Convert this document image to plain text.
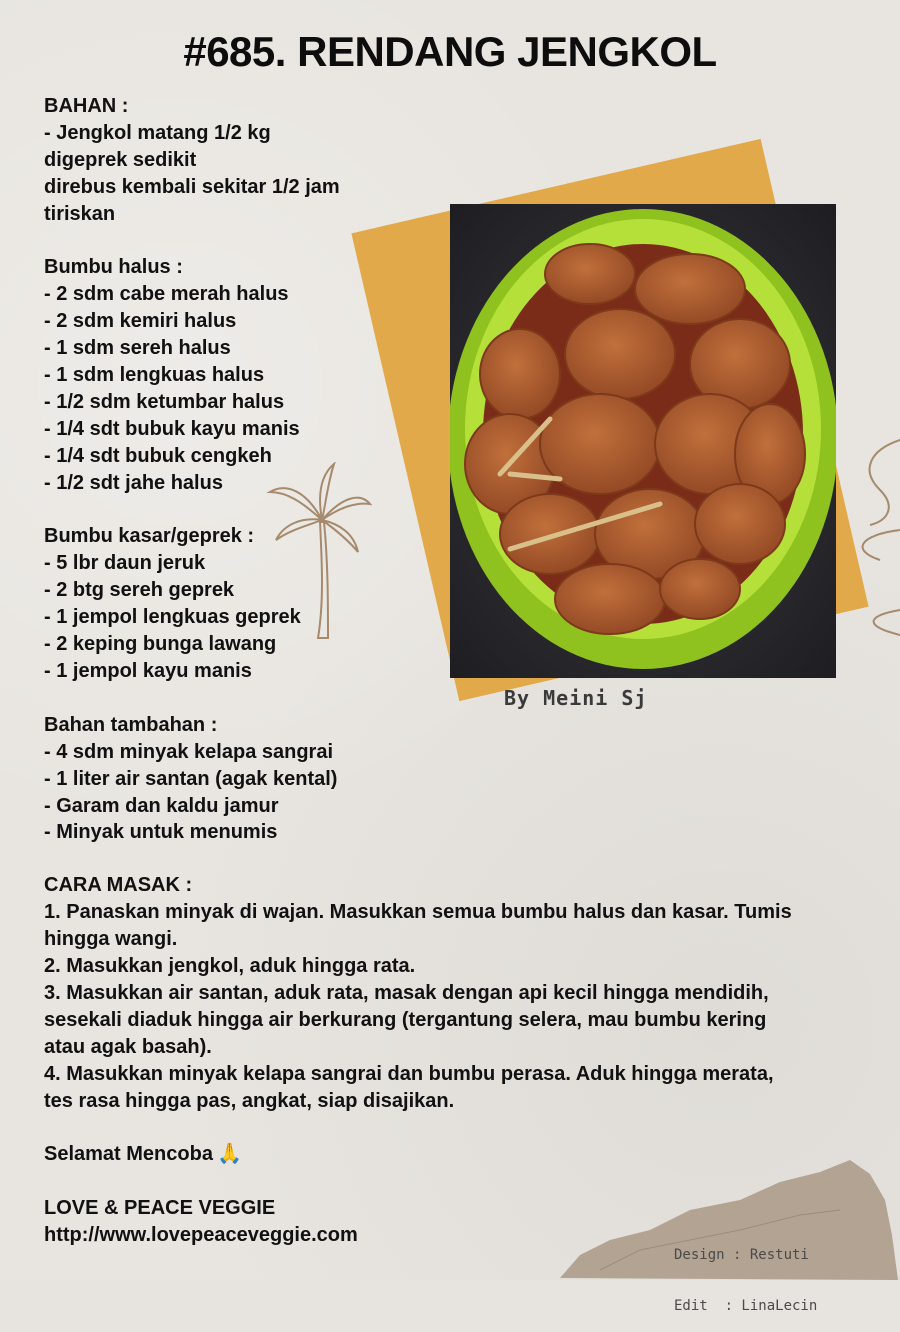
#685. RENDANG JENGKOL
By Meini Sj
BAHAN :
- Jengkol matang 1/2 kg
digeprek sedikit
direbus kembali sekitar 1/2 jam
tiriskan
Bumbu halus :
- 2 sdm cabe merah halus
- 2 sdm kemiri halus
- 1 sdm sereh halus
- 1 sdm lengkuas halus
- 1/2 sdm ketumbar halus
- 1/4 sdt bubuk kayu manis
- 1/4 sdt bubuk cengkeh
- 1/2 sdt jahe halus
Bumbu kasar/geprek :
- 5 lbr daun jeruk
- 2 btg sereh geprek
- 1 jempol lengkuas geprek
- 2 keping bunga lawang
- 1 jempol kayu manis
Bahan tambahan :
- 4 sdm minyak kelapa sangrai
- 1 liter air santan (agak kental)
- Garam dan kaldu jamur
- Minyak untuk menumis
CARA MASAK :
1. Panaskan minyak di wajan. Masukkan semua bumbu halus dan kasar. Tumis
hingga wangi.
2. Masukkan jengkol, aduk hingga rata.
3. Masukkan air santan, aduk rata, masak dengan api kecil hingga mendidih,
sesekali diaduk hingga air berkurang (tergantung selera, mau bumbu kering
atau agak basah).
4. Masukkan minyak kelapa sangrai dan bumbu perasa. Aduk hingga merata,
tes rasa hingga pas, angkat, siap disajikan.
Selamat Mencoba 🙏
LOVE & PEACE VEGGIE
http://www.lovepeaceveggie.com

Design : Restuti

Edit  : LinaLecin
